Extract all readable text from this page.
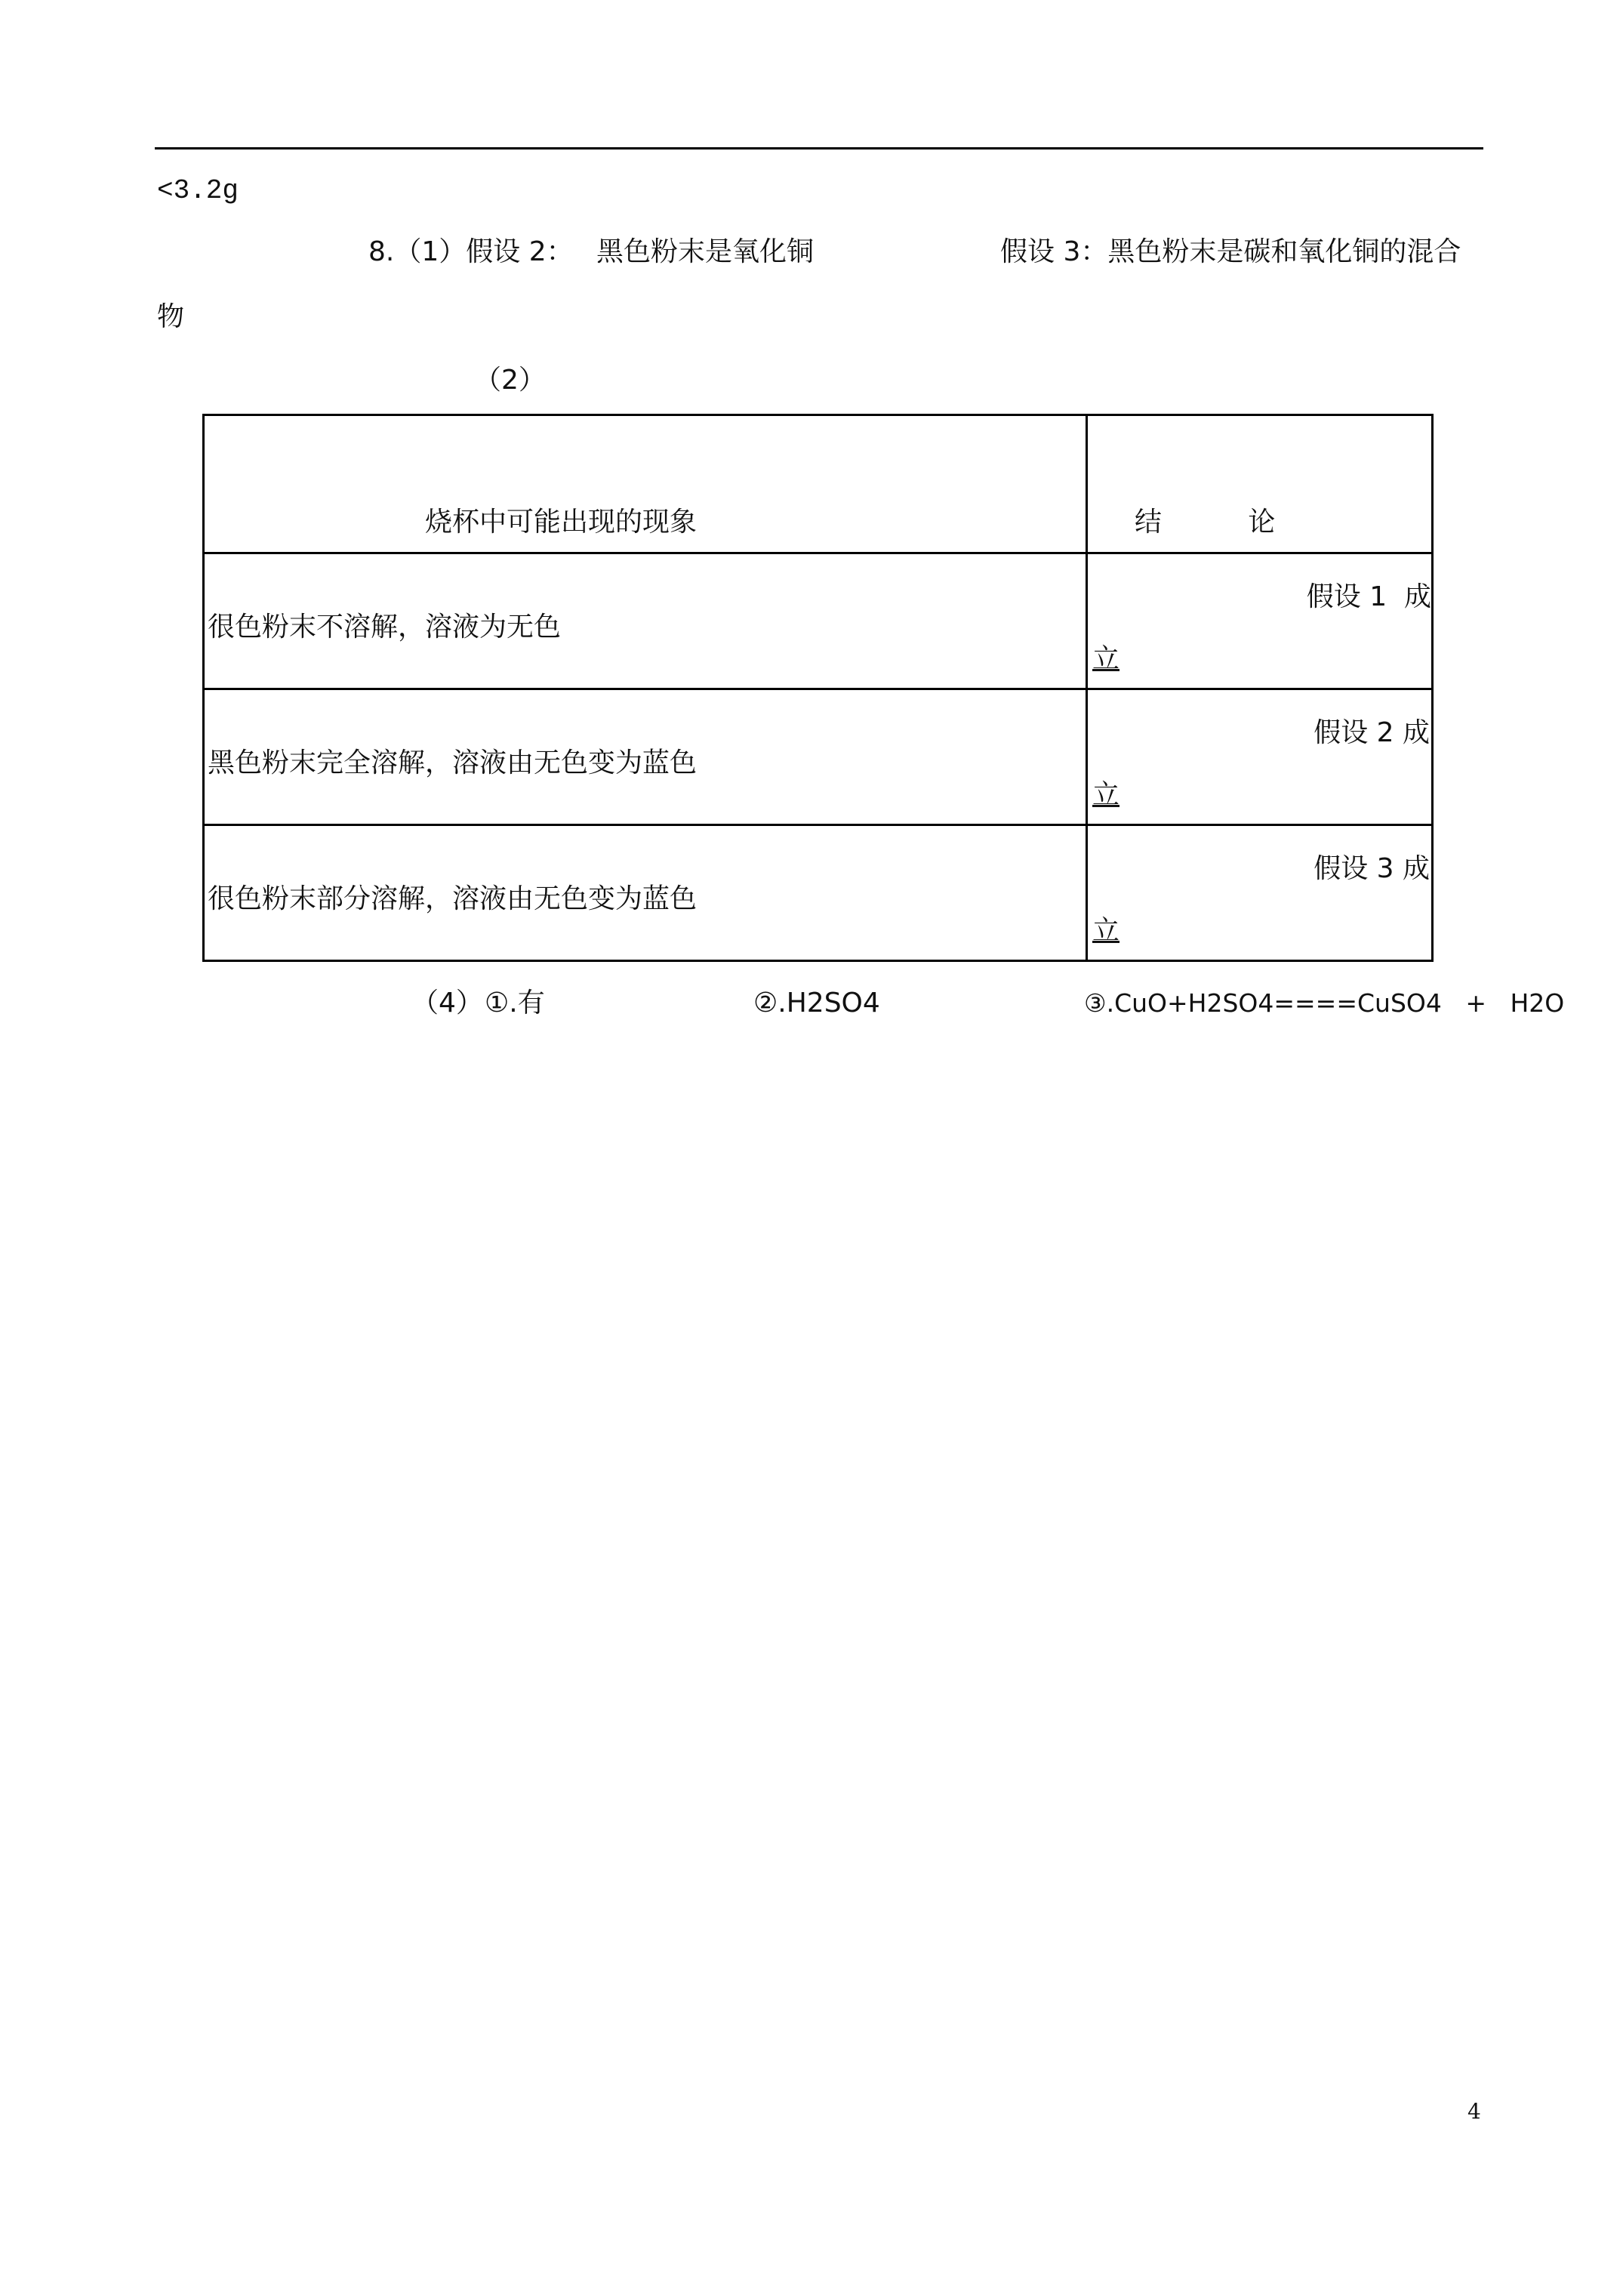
<3.2g
8.（1）假设 2： 黑色粉末是氧化铜	假设 3：黑色粉末是碳和氧化铜的混合
物
（2）
烧杯中可能出现的现象	结          论

很色粉末不溶解，溶液为无色	假设 1  成
立

黑色粉末完全溶解，溶液由无色变为蓝色	假设 2 成
立

很色粉末部分溶解，溶液由无色变为蓝色	假设 3 成
立
（4） ①.有	②.H2SO4	③.CuO+H2SO4====CuSO4   +   H2O
4
